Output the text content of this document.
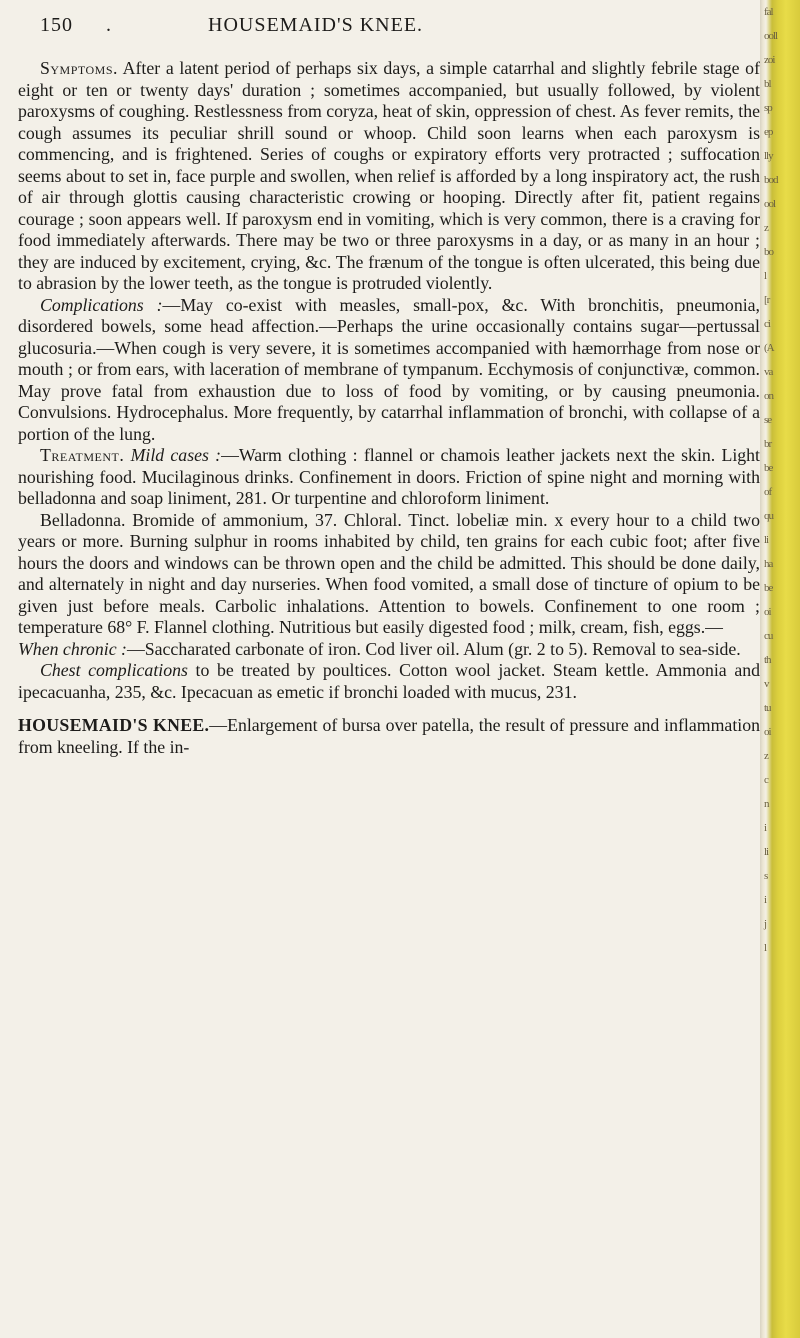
150 .	HOUSEMAID'S KNEE.

Symptoms. After a latent period of perhaps six days, a simple catarrhal and slightly febrile stage of eight or ten or twenty days' duration ; sometimes accompanied, but usually followed, by violent paroxysms of coughing. Restlessness from coryza, heat of skin, oppression of chest. As fever remits, the cough assumes its peculiar shrill sound or whoop. Child soon learns when each paroxysm is commencing, and is frightened. Series of coughs or expiratory efforts very protracted ; suffocation seems about to set in, face purple and swollen, when relief is afforded by a long inspiratory act, the rush of air through glottis causing characteristic crowing or hooping. Directly after fit, patient regains courage ; soon appears well. If paroxysm end in vomiting, which is very common, there is a craving for food immediately afterwards. There may be two or three paroxysms in a day, or as many in an hour ; they are induced by excitement, crying, &c. The frænum of the tongue is often ulcerated, this being due to abrasion by the lower teeth, as the tongue is protruded violently.

Complications :—May co-exist with measles, small-pox, &c. With bronchitis, pneumonia, disordered bowels, some head affection.—Perhaps the urine occasionally contains sugar—pertussal glucosuria.—When cough is very severe, it is sometimes accompanied with hæmorrhage from nose or mouth ; or from ears, with laceration of membrane of tympanum. Ecchymosis of conjunctivæ, common. May prove fatal from exhaustion due to loss of food by vomiting, or by causing pneumonia. Convulsions. Hydrocephalus. More frequently, by catarrhal inflammation of bronchi, with collapse of a portion of the lung.

Treatment. Mild cases :—Warm clothing : flannel or chamois leather jackets next the skin. Light nourishing food. Mucilaginous drinks. Confinement in doors. Friction of spine night and morning with belladonna and soap liniment, 281. Or turpentine and chloroform liniment.

Belladonna. Bromide of ammonium, 37. Chloral. Tinct. lobeliæ min. x every hour to a child two years or more. Burning sulphur in rooms inhabited by child, ten grains for each cubic foot; after five hours the doors and windows can be thrown open and the child be admitted. This should be done daily, and alternately in night and day nurseries. When food vomited, a small dose of tincture of opium to be given just before meals. Carbolic inhalations. Attention to bowels. Confinement to one room ; temperature 68° F. Flannel clothing. Nutritious but easily digested food ; milk, cream, fish, eggs.—

When chronic :—Saccharated carbonate of iron. Cod liver oil. Alum (gr. 2 to 5). Removal to sea-side.

Chest complications to be treated by poultices. Cotton wool jacket. Steam kettle. Ammonia and ipecacuanha, 235, &c. Ipecacuan as emetic if bronchi loaded with mucus, 231.

HOUSEMAID'S KNEE.—Enlargement of bursa over patella, the result of pressure and inflammation from kneeling. If the in-

fal
ooll
zoi
bl
sp
ep
lly
bod
ool
z
bo
l
[r
ci
(A
va
on
se
br
be
of
qu
li
ha
be
oi
cu
th
v
tu
oi
z
c
n
i
li
s
i
j
l
